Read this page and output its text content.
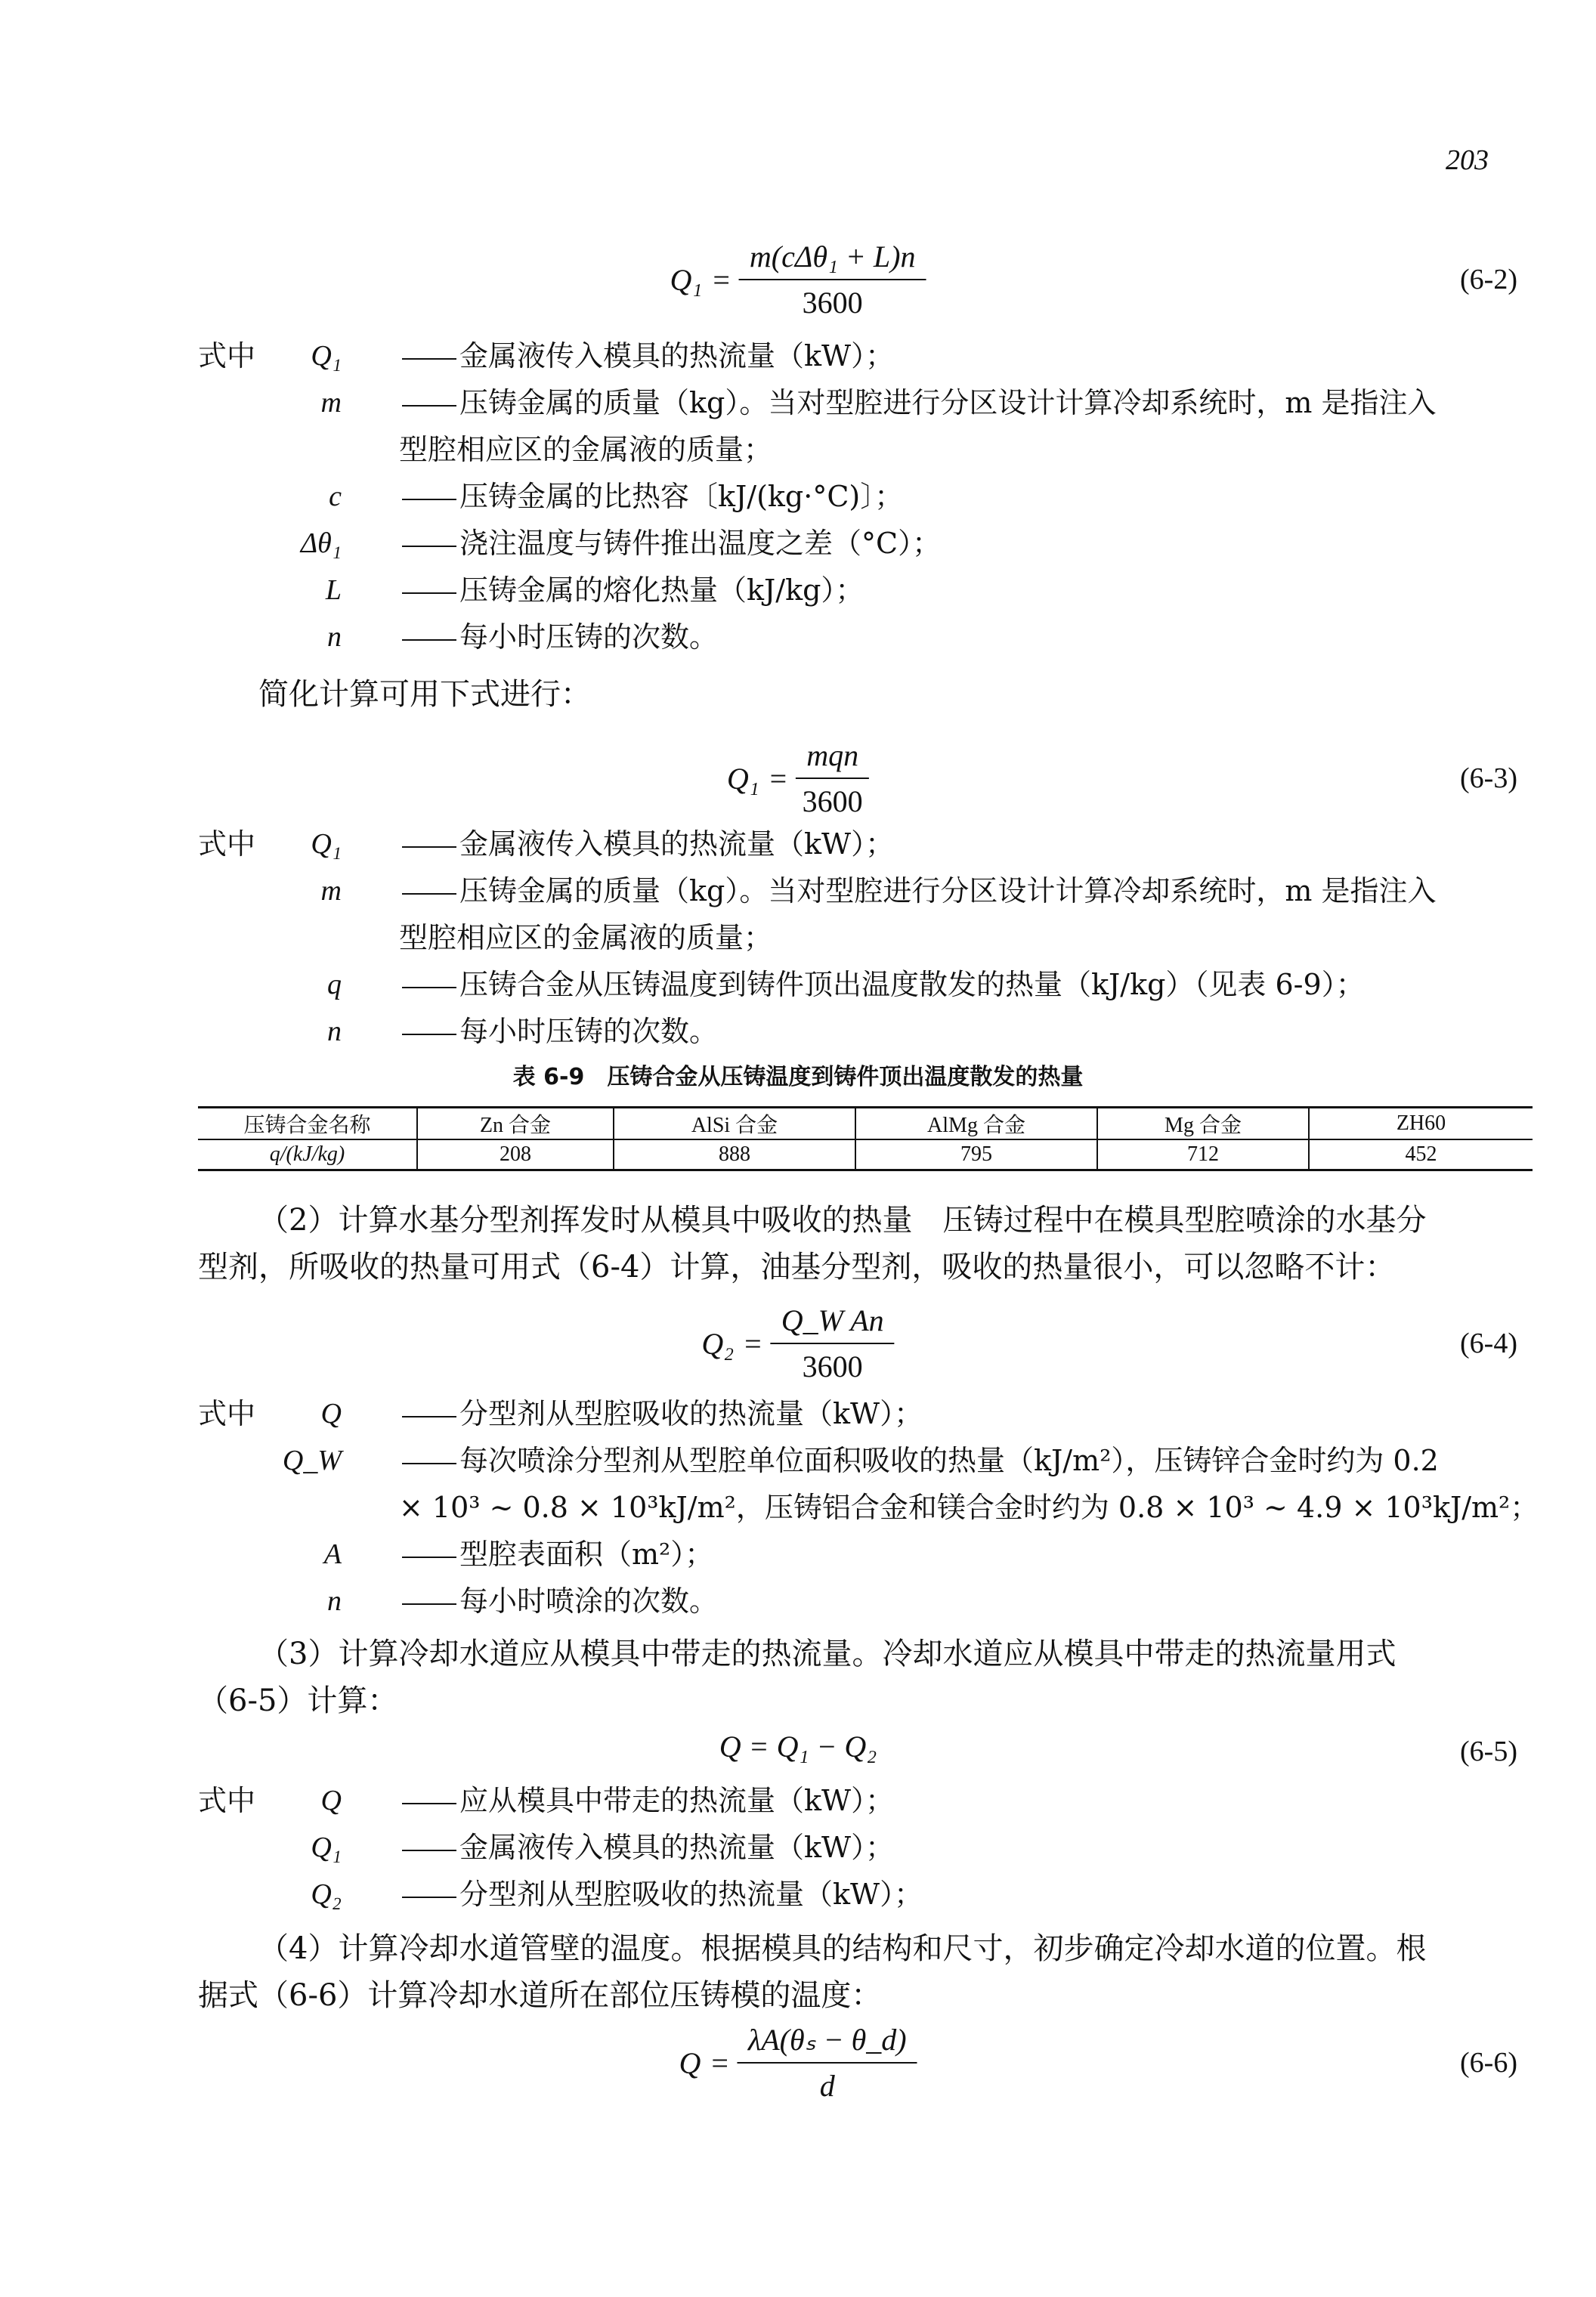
203
$Q_1 = \frac{\text{m(cΔθ₁ + L)n}}{3600}$	(6-2)
式中	Q₁	金属液传入模具的热流量（kW）；
m	压铸金属的质量（kg）。当对型腔进行分区设计计算冷却系统时，m 是指注入
型腔相应区的金属液的质量；
c	压铸金属的比热容〔kJ/(kg·°C)〕；
Δθ₁	浇注温度与铸件推出温度之差（°C）；
L	压铸金属的熔化热量（kJ/kg）；
n	每小时压铸的次数。
简化计算可用下式进行：
$Q_1 = \frac{\text{mqn}}{3600}$	(6-3)
式中	Q₁	金属液传入模具的热流量（kW）；
m	压铸金属的质量（kg）。当对型腔进行分区设计计算冷却系统时，m 是指注入
型腔相应区的金属液的质量；
q	压铸合金从压铸温度到铸件顶出温度散发的热量（kJ/kg）（见表 6-9）；
n	每小时压铸的次数。
表 6-9　压铸合金从压铸温度到铸件顶出温度散发的热量
压铸合金名称	Zn 合金	AlSi 合金	AlMg 合金	Mg 合金	ZH60
q/(kJ/kg)	208	888	795	712	452
（2）计算水基分型剂挥发时从模具中吸收的热量　压铸过程中在模具型腔喷涂的水基分
型剂，所吸收的热量可用式（6-4）计算，油基分型剂，吸收的热量很小，可以忽略不计：
$Q_2 = \frac{\text{Q\_W An}}{3600}$	(6-4)
式中	Q	分型剂从型腔吸收的热流量（kW）；
Q_W	每次喷涂分型剂从型腔单位面积吸收的热量（kJ/m²），压铸锌合金时约为 0.2
× 10³ ~ 0.8 × 10³kJ/m²，压铸铝合金和镁合金时约为 0.8 × 10³ ~ 4.9 × 10³kJ/m²；
A	型腔表面积（m²）；
n	每小时喷涂的次数。
（3）计算冷却水道应从模具中带走的热流量。冷却水道应从模具中带走的热流量用式
（6-5）计算：
Q = Q₁ − Q₂	(6-5)
式中	Q	应从模具中带走的热流量（kW）；
Q₁	金属液传入模具的热流量（kW）；
Q₂	分型剂从型腔吸收的热流量（kW）；
（4）计算冷却水道管壁的温度。根据模具的结构和尺寸，初步确定冷却水道的位置。根
据式（6-6）计算冷却水道所在部位压铸模的温度：
$Q = \frac{\text{λA(θₛ − θ\_d)}}{d}$	(6-6)
